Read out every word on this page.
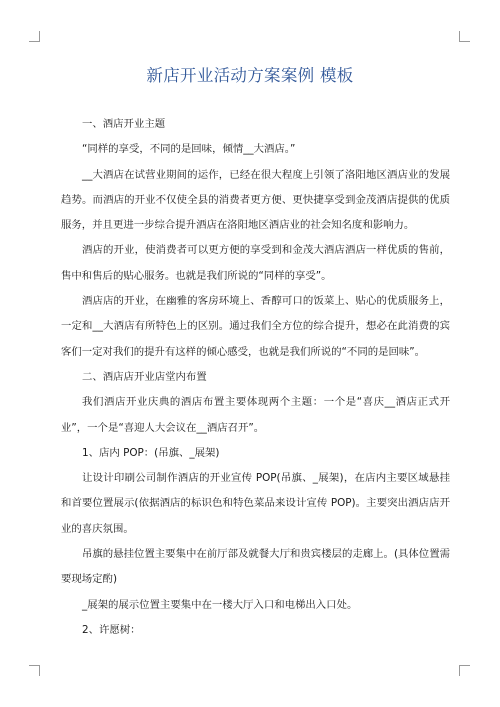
新店开业活动方案案例 模板

一、酒店开业主题

“同样的享受，不同的是回味，倾情__大酒店。”

__大酒店在试营业期间的运作，已经在很大程度上引领了洛阳地区酒店业的发展趋势。而酒店的开业不仅使全县的消费者更方便、更快捷享受到金茂酒店提供的优质服务，并且更进一步综合提升酒店在洛阳地区酒店业的社会知名度和影响力。

酒店的开业，使消费者可以更方便的享受到和金茂大酒店酒店一样优质的售前，售中和售后的贴心服务。也就是我们所说的“同样的享受”。

酒店店的开业，在幽雅的客房环境上、香醇可口的饭菜上、贴心的优质服务上，一定和__大酒店有所特色上的区别。通过我们全方位的综合提升，想必在此消费的宾客们一定对我们的提升有这样的倾心感受，也就是我们所说的“不同的是回味”。

二、酒店店开业店堂内布置

我们酒店开业庆典的酒店布置主要体现两个主题：一个是“喜庆__酒店正式开业”，一个是“喜迎人大会议在__酒店召开”。

1、店内 POP：(吊旗、_展架)

让设计印刷公司制作酒店的开业宣传 POP(吊旗、_展架)，在店内主要区域悬挂和首要位置展示(依据酒店的标识色和特色菜品来设计宣传 POP)。主要突出酒店店开业的喜庆氛围。

吊旗的悬挂位置主要集中在前厅部及就餐大厅和贵宾楼层的走廊上。(具体位置需要现场定酌)

_展架的展示位置主要集中在一楼大厅入口和电梯出入口处。

2、许愿树：
